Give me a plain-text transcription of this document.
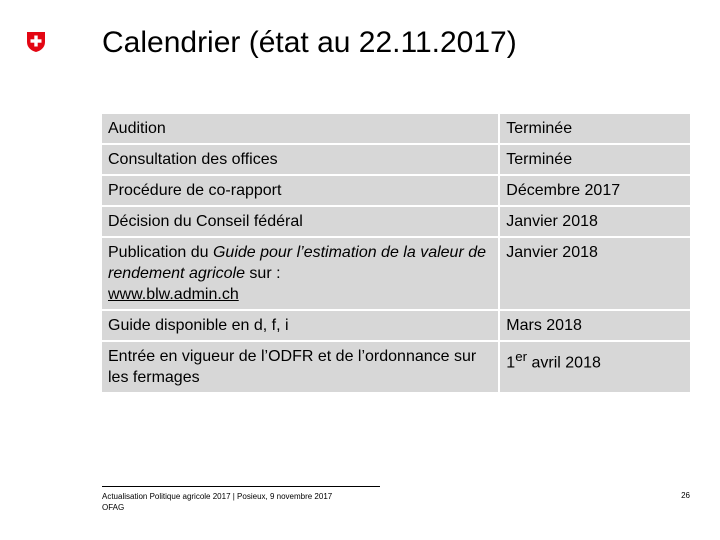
Calendrier (état au 22.11.2017)
Audition	Terminée
Consultation des offices	Terminée
Procédure de co-rapport	Décembre 2017
Décision du Conseil fédéral	Janvier 2018
Publication du Guide pour l’estimation de la valeur de rendement agricole sur :
www.blw.admin.ch	Janvier 2018
Guide disponible en d, f, i	Mars 2018
Entrée en vigueur de l’ODFR et de l’ordonnance sur les fermages	1er avril 2018
Actualisation Politique agricole 2017 | Posieux, 9 novembre 2017
OFAG
26
